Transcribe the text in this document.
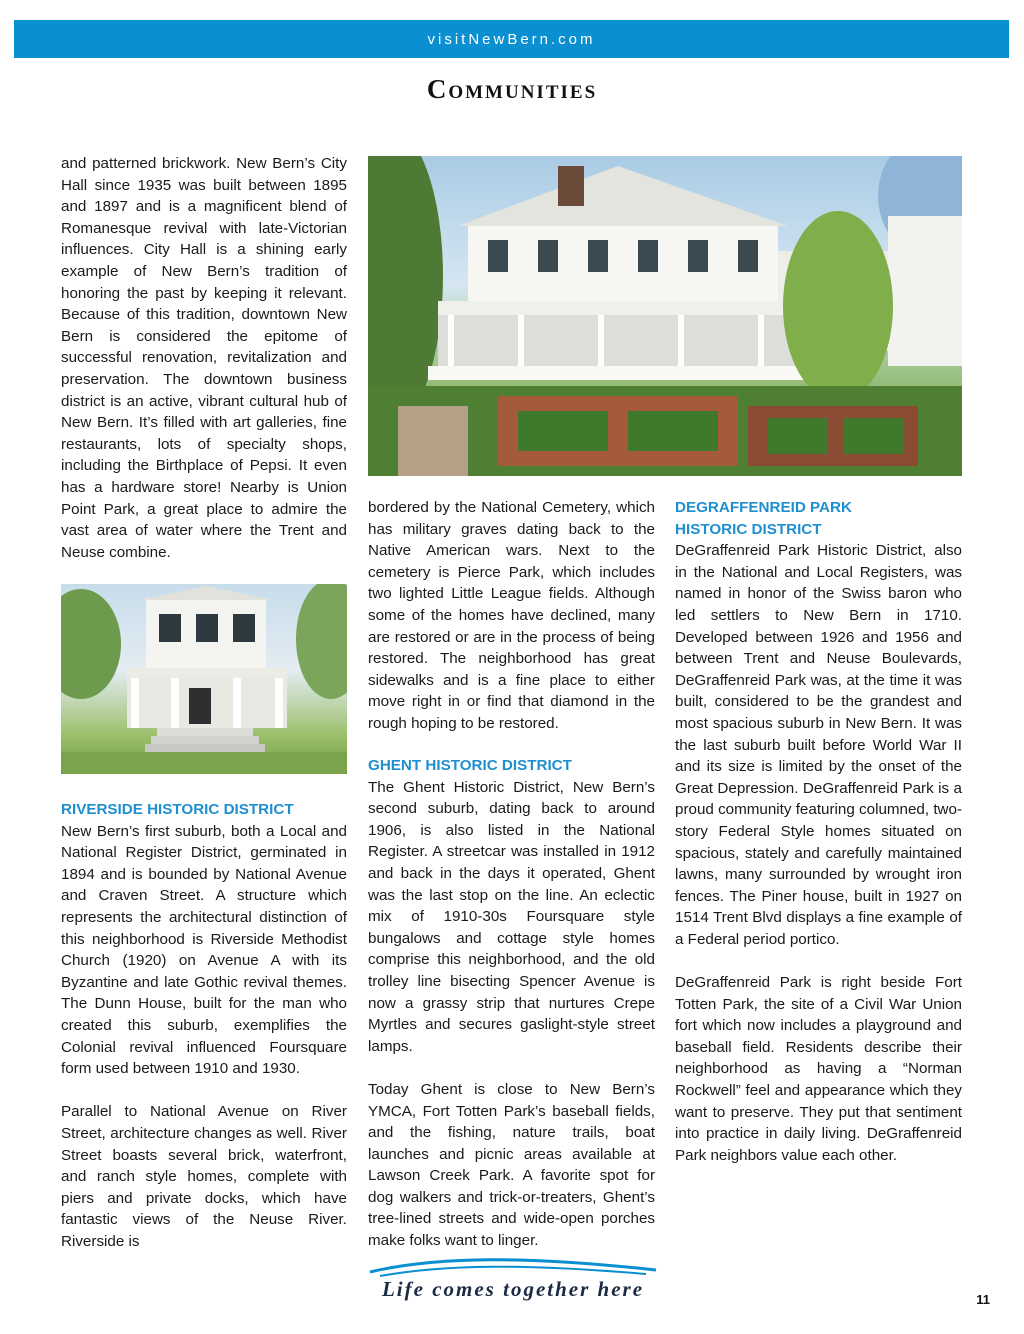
visitNewBern.com
Communities

and patterned brickwork. New Bern’s City Hall since 1935 was built between 1895 and 1897 and is a magnificent blend of Romanesque revival with late-Victorian influences. City Hall is a shining early example of New Bern’s tradition of honoring the past by keeping it relevant. Because of this tradition, downtown New Bern is considered the epitome of successful renovation, revitalization and preservation. The downtown business district is an active, vibrant cultural hub of New Bern. It’s filled with art galleries, fine restaurants, lots of specialty shops, including the Birthplace of Pepsi. It even has a hardware store! Nearby is Union Point Park, a great place to admire the vast area of water where the Trent and Neuse combine.

RIVERSIDE HISTORIC DISTRICT

New Bern’s first suburb, both a Local and National Register District, germinated in 1894 and is bounded by National Avenue and Craven Street. A structure which represents the architectural distinction of this neighborhood is Riverside Methodist Church (1920) on Avenue A with its Byzantine and late Gothic revival themes. The Dunn House, built for the man who created this suburb, exemplifies the Colonial revival influenced Foursquare form used between 1910 and 1930.

Parallel to National Avenue on River Street, architecture changes as well. River Street boasts several brick, waterfront, and ranch style homes, complete with piers and private docks, which have fantastic views of the Neuse River. Riverside is

bordered by the National Cemetery, which has military graves dating back to the Native American wars. Next to the cemetery is Pierce Park, which includes two lighted Little League fields. Although some of the homes have declined, many are restored or are in the process of being restored. The neighborhood has great sidewalks and is a fine place to either move right in or find that diamond in the rough hoping to be restored.

GHENT HISTORIC DISTRICT

The Ghent Historic District, New Bern’s second suburb, dating back to around 1906, is also listed in the National Register. A streetcar was installed in 1912 and back in the days it operated, Ghent was the last stop on the line. An eclectic mix of 1910-30s Foursquare style bungalows and cottage style homes comprise this neighborhood, and the old trolley line bisecting Spencer Avenue is now a grassy strip that nurtures Crepe Myrtles and secures gaslight-style street lamps.

Today Ghent is close to New Bern’s YMCA, Fort Totten Park’s baseball fields, and the fishing, nature trails, boat launches and picnic areas available at Lawson Creek Park. A favorite spot for dog walkers and trick-or-treaters, Ghent’s tree-lined streets and wide-open porches make folks want to linger.

DEGRAFFENREID PARK
HISTORIC DISTRICT

DeGraffenreid Park Historic District, also in the National and Local Registers, was named in honor of the Swiss baron who led settlers to New Bern in 1710. Developed between 1926 and 1956 and between Trent and Neuse Boulevards, DeGraffenreid Park was, at the time it was built, considered to be the grandest and most spacious suburb in New Bern. It was the last suburb built before World War II and its size is limited by the onset of the Great Depression. DeGraffenreid Park is a proud community featuring columned, two-story Federal Style homes situated on spacious, stately and carefully maintained lawns, many surrounded by wrought iron fences. The Piner house, built in 1927 on 1514 Trent Blvd displays a fine example of a Federal period portico.

DeGraffenreid Park is right beside Fort Totten Park, the site of a Civil War Union fort which now includes a playground and baseball field. Residents describe their neighborhood as having a “Norman Rockwell” feel and appearance which they want to preserve. They put that sentiment into practice in daily living. DeGraffenreid Park neighbors value each other.

Life comes together here	11
